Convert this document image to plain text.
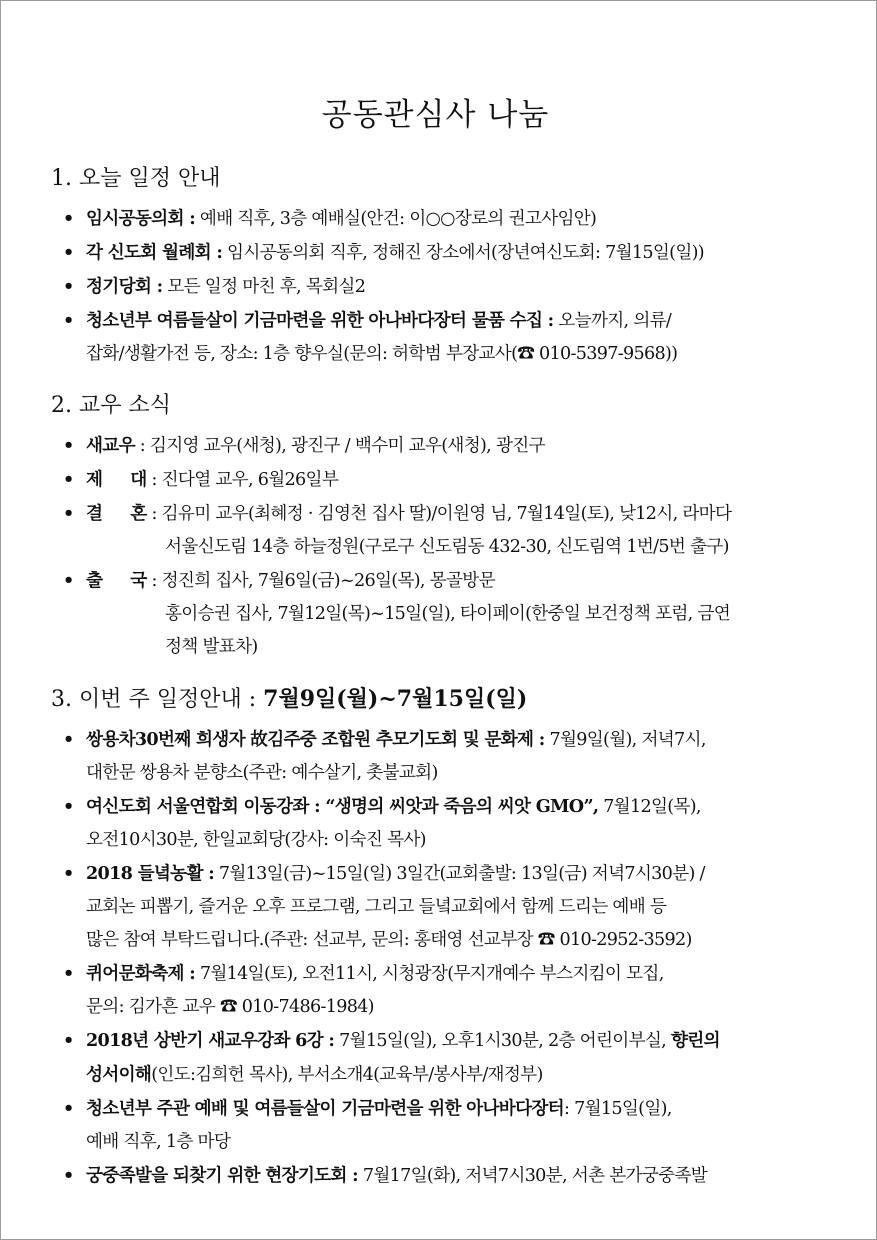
공동관심사 나눔
1. 오늘 일정 안내
• 임시공동의회 : 예배 직후, 3층 예배실(안건: 이○○장로의 권고사임안)
• 각 신도회 월례회 : 임시공동의회 직후, 정해진 장소에서(장년여신도회: 7월15일(일))
• 정기당회 : 모든 일정 마친 후, 목회실2
• 청소년부 여름들살이 기금마련을 위한 아나바다장터 물품 수집 : 오늘까지, 의류/
잡화/생활가전 등, 장소: 1층 향우실(문의: 허학범 부장교사(☎ 010-5397-9568))
2. 교우 소식
• 새교우 : 김지영 교우(새청), 광진구 / 백수미 교우(새청), 광진구
• 제 대 : 진다열 교우, 6월26일부
• 결 혼 : 김유미 교우(최혜정 · 김영천 집사 딸)/이원영 님, 7월14일(토), 낮12시, 라마다
서울신도림 14층 하늘정원(구로구 신도림동 432-30, 신도림역 1번/5번 출구)
• 출 국 : 정진희 집사, 7월6일(금)~26일(목), 몽골방문
홍이승권 집사, 7월12일(목)~15일(일), 타이페이(한중일 보건정책 포럼, 금연
정책 발표차)
3. 이번 주 일정안내 : 7월9일(월)~7월15일(일)
• 쌍용차30번째 희생자 故김주중 조합원 추모기도회 및 문화제 : 7월9일(월), 저녁7시,
대한문 쌍용차 분향소(주관: 예수살기, 촛불교회)
• 여신도회 서울연합회 이동강좌 : “생명의 씨앗과 죽음의 씨앗 GMO”, 7월12일(목),
오전10시30분, 한일교회당(강사: 이숙진 목사)
• 2018 들녘농활 : 7월13일(금)~15일(일) 3일간(교회출발: 13일(금) 저녁7시30분) /
교회논 피뽑기, 즐거운 오후 프로그램, 그리고 들녘교회에서 함께 드리는 예배 등
많은 참여 부탁드립니다.(주관: 선교부, 문의: 홍태영 선교부장 ☎ 010-2952-3592)
• 퀴어문화축제 : 7월14일(토), 오전11시, 시청광장(무지개예수 부스지킴이 모집,
문의: 김가흔 교우 ☎ 010-7486-1984)
• 2018년 상반기 새교우강좌 6강 : 7월15일(일), 오후1시30분, 2층 어린이부실, 향린의
성서이해(인도:김희헌 목사), 부서소개4(교육부/봉사부/재정부)
• 청소년부 주관 예배 및 여름들살이 기금마련을 위한 아나바다장터: 7월15일(일),
예배 직후, 1층 마당
• 궁중족발을 되찾기 위한 현장기도회 : 7월17일(화), 저녁7시30분, 서촌 본가궁중족발
